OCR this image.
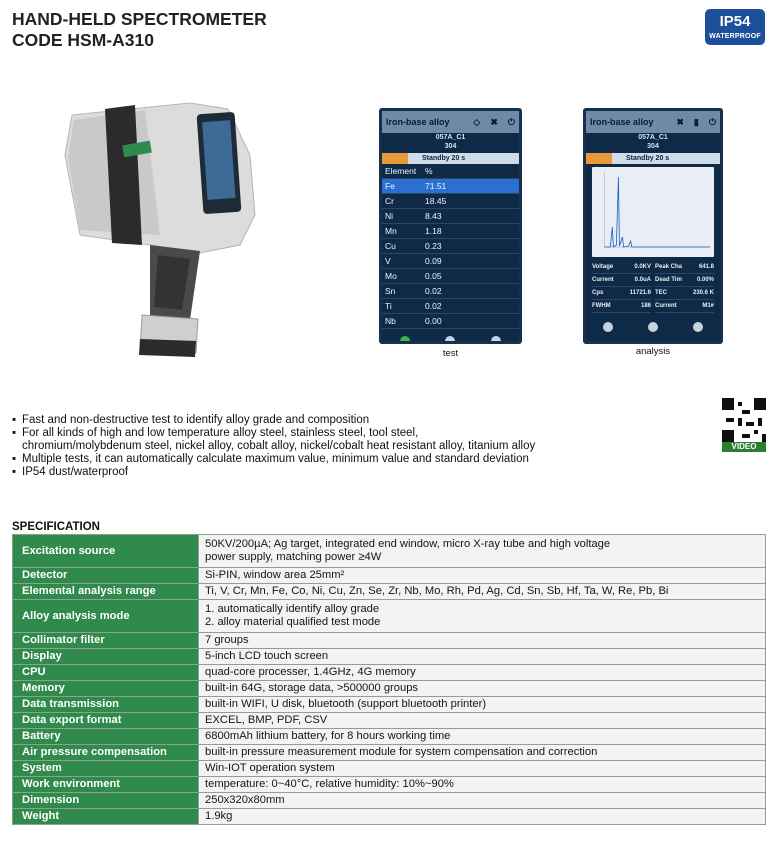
HAND-HELD SPECTROMETER
CODE HSM-A310
IP54
WATERPROOF
Iron-base alloy	◇ ✖ ⏻
057A_C1
304
Standby 20 s
Element	%
Fe	71.51
Cr	18.45
Ni	8.43
Mn	1.18
Cu	0.23
V	0.09
Mo	0.05
Sn	0.02
Ti	0.02
Nb	0.00
test
Iron-base alloy	✖ ▮ ⏻
057A_C1
304
Standby 20 s
Voltage	0.0KV Peak Cha	641.8
Current	0.0uA Dead Tim	0.00%
Cps	11721.6 TEC	230.6 K
FWHM	186 Current	M1#
analysis
▪ Fast and non-destructive test to identify alloy grade and composition
▪ For all kinds of high and low temperature alloy steel, stainless steel, tool steel,
chromium/molybdenum steel, nickel alloy, cobalt alloy, nickel/cobalt heat resistant alloy, titanium alloy
▪ Multiple tests, it can automatically calculate maximum value, minimum value and standard deviation
▪ IP54 dust/waterproof
VIDEO
SPECIFICATION
Excitation source	50KV/200µA; Ag target, integrated end window, micro X-ray tube and high voltage
power supply, matching power ≥4W

Detector	Si-PIN, window area 25mm²

Elemental analysis range	Ti, V, Cr, Mn, Fe, Co, Ni, Cu, Zn, Se, Zr, Nb, Mo, Rh, Pd, Ag, Cd, Sn, Sb, Hf, Ta, W, Re, Pb, Bi

Alloy analysis mode	1. automatically identify alloy grade
2. alloy material qualified test mode

Collimator filter	7 groups

Display	5-inch LCD touch screen

CPU	quad-core processer, 1.4GHz, 4G memory

Memory	built-in 64G, storage data, >500000 groups

Data transmission	built-in WIFI, U disk, bluetooth (support bluetooth printer)

Data export format	EXCEL, BMP, PDF, CSV

Battery	6800mAh lithium battery, for 8 hours working time

Air pressure compensation	built-in pressure measurement module for system compensation and correction

System	Win-IOT operation system

Work environment	temperature: 0~40°C, relative humidity: 10%~90%

Dimension	250x320x80mm

Weight	1.9kg
